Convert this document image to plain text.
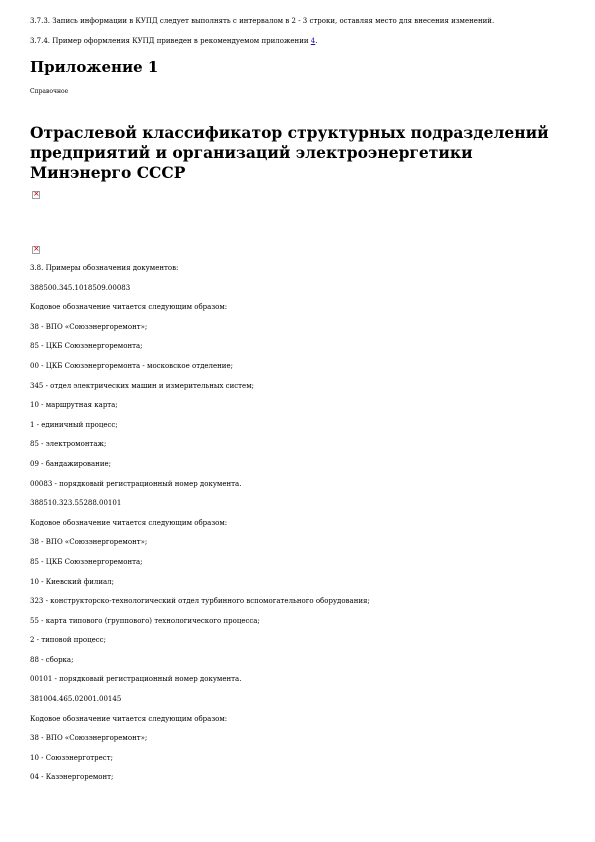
3.7.3. Запись информации в КУПД следует выполнять с интервалом в 2 - 3 строки, оставляя место для внесения изменений.

3.7.4. Пример оформления КУПД приведен в рекомендуемом приложении 4.

Приложение 1

Справочное

Отраслевой классификатор структурных подразделений предприятий и организаций электроэнергетики Минэнерго СССР
×
×

3.8. Примеры обозначения документов:

388500.345.1018509.00083

Кодовое обозначение читается следующим образом:

38 - ВПО «Союзэнергоремонт»;

85 - ЦКБ Союзэнергоремонта;

00 - ЦКБ Союзэнергоремонта - московское отделение;

345 - отдел электрических машин и измерительных систем;

10 - маршрутная карта;

1 - единичный процесс;

85 - электромонтаж;

09 - бандажирование;

00083 - порядковый регистрационный номер документа.

388510.323.55288.00101

Кодовое обозначение читается следующим образом:

38 - ВПО «Союзэнергоремонт»;

85 - ЦКБ Союзэнергоремонта;

10 - Киевский филиал;

323 - конструкторско-технологический отдел турбинного вспомогательного оборудования;

55 - карта типового (группового) технологического процесса;

2 - типовой процесс;

88 - сборка;

00101 - порядковый регистрационный номер документа.

381004.465.02001.00145

Кодовое обозначение читается следующим образом:

38 - ВПО «Союзэнергоремонт»;

10 - Союзэнерготрест;

04 - Казэнергоремонт;
